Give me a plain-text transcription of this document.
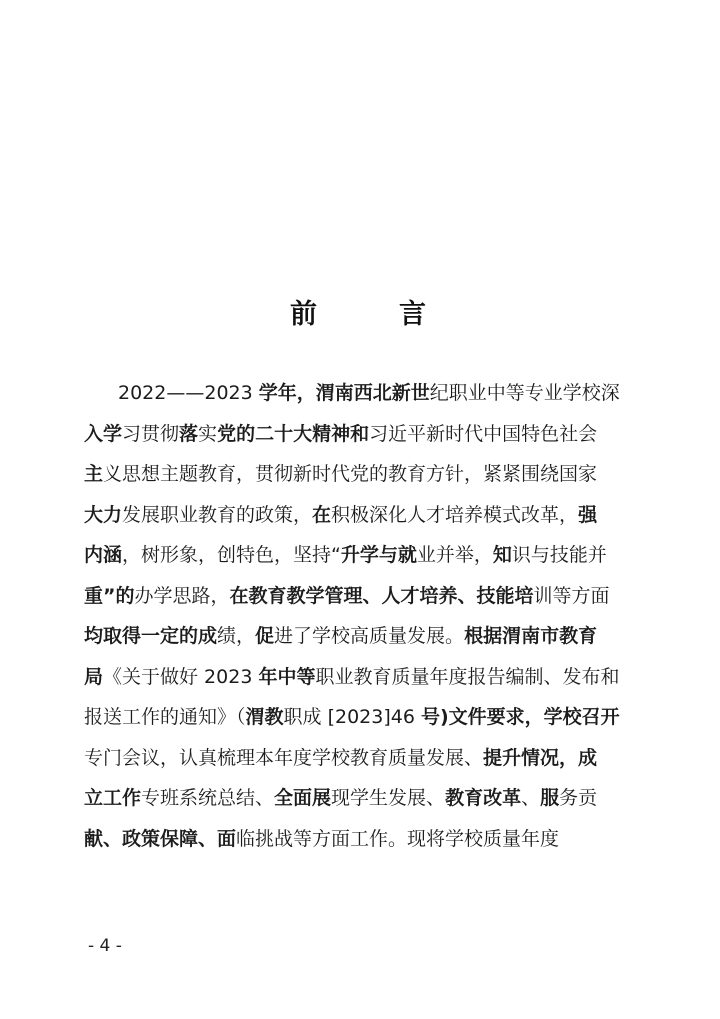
前	言
2022——2023 学年，渭南西北新世纪职业中等专业学校深
入学习贯彻落实党的二十大精神和习近平新时代中国特色社会
主义思想主题教育，贯彻新时代党的教育方针，紧紧围绕国家
大力发展职业教育的政策，在积极深化人才培养模式改革，强
内涵，树形象，创特色，坚持“升学与就业并举，知识与技能并
重”的办学思路，在教育教学管理、人才培养、技能培训等方面
均取得一定的成绩，促进了学校高质量发展。根据渭南市教育
局《关于做好 2023 年中等职业教育质量年度报告编制、发布和
报送工作的通知》（渭教职成 [2023]46 号)文件要求，学校召开
专门会议，认真梳理本年度学校教育质量发展、提升情况，成
立工作专班系统总结、全面展现学生发展、教育改革、服务贡
献、政策保障、面临挑战等方面工作。现将学校质量年度
- 4 -
